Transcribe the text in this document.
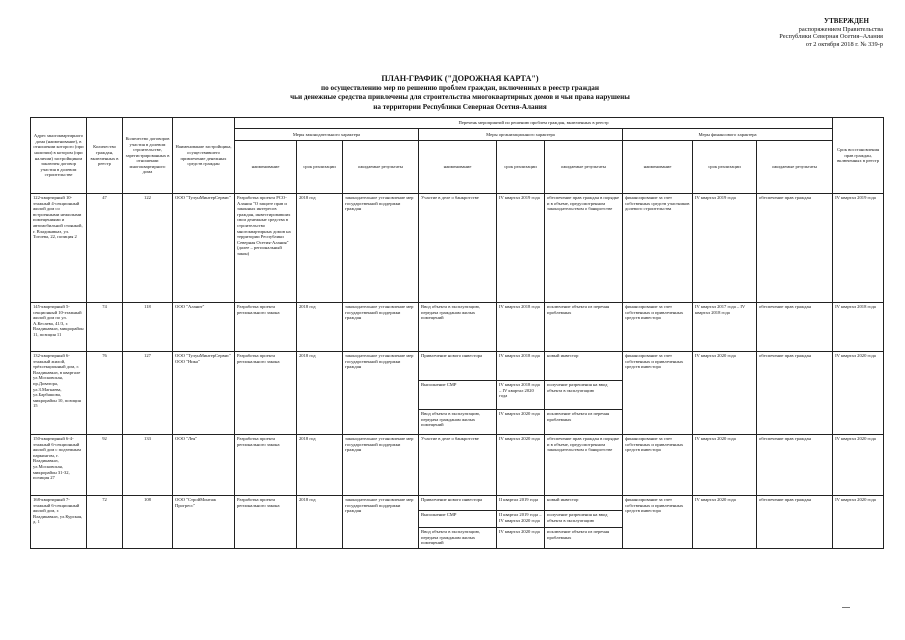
УТВЕРЖДЕН
распоряжением Правительства
Республики Северная Осетия–Алания
от 2 октября 2018 г. № 339-р
ПЛАН-ГРАФИК ("ДОРОЖНАЯ КАРТА")
по осуществлению мер по решению проблем граждан, включенных в реестр граждан
чьи денежные средства привлечены для строительства многоквартирных домов и чьи права нарушены
на территории Республики Северная Осетия-Алания
Адрес многоквартирного дома (наименование), в отношении которого (при наличии) в котором (при наличии) застройщиком заключен договор участия в долевом строительстве	Количество граждан, включенных в реестр	Количество договоров участия в долевом строительстве, зарегистрированных в отношении многоквартирного дома	Наименование застройщика, осуществившего привлечение денежных средств граждан	Перечень мероприятий по решению проблем граждан, включенных в реестр									Срок восстановления прав граждан, включенных в реестр
				Меры законодательного характера			Меры организационного характера			Меры финансового характера			
				наименование	срок реализации	ожидаемые результаты	наименование	срок реализации	ожидаемые результаты	наименование	срок реализации	ожидаемые результаты	
122-квартирный 10-этажный 4-секционный жилой дом со встроенными нежилыми помещениями и автомобильной стоянкой, г. Владикавказ, ул. Тогоева, 22, позиция 2	47	122	ООО "ТулунМинтерСервис"	Разработка проекта РСО-Алания "О защите прав и законных интересов граждан, инвестировавших свои денежные средства в строительство многоквартирных домов на территории Республики Северная Осетия-Алания" (далее – региональный закон)	2018 год	законодательное установление мер государственной поддержки граждан	Участие в деле о банкротстве	IV квартал 2019 года	обеспечение прав граждан в порядке и в объеме, предусмотренном законодательством о банкротстве	финансирование за счет собственных средств участников долевого строительства	IV квартал 2019 года	обеспечение прав граждан	IV квартал 2019 года
145-квартирный 5-секционный 10-этажный жилой дом по ул. А.Кесаева, 41/3, г. Владикавказ, микрорайон 11, позиция 11	74	118	ООО "Аланит"	Разработка проекта регионального закона	2018 год	законодательное установление мер государственной поддержки граждан	Ввод объекта в эксплуатацию, передача гражданам жилых помещений	IV квартал 2018 года	исключение объекта из перечня проблемных	финансирование за счет собственных и привлеченных средств инвестора	IV квартал 2017 года – IV квартал 2018 года	обеспечение прав граждан	IV квартал 2018 года
132-квартирный 6-этажный жилой, трёхсекционный дом, г. Владикавказ, в квартале ул.Московская, пр.Доватора, ул.З.Магкаева, ул.Барбашова, микрорайон 10, позиция 15	76	127	ООО "ТулунМинтерСервис" ООО "Ника"	Разработка проекта регионального закона	2018 год	законодательное установление мер государственной поддержки граждан	Привлечение нового инвестора	IV квартал 2018 года	новый инвестор	финансирование за счет собственных и привлеченных средств инвестора	IV квартал 2020 года	обеспечение прав граждан	IV квартал 2020 года
							Выполнение СМР	IV квартал 2018 года – IV квартал 2020 года	получение разрешения на ввод объекта в эксплуатацию				
							Ввод объекта в эксплуатацию, передача гражданам жилых помещений	IV квартал 2020 года	исключение объекта из перечня проблемных				
150-квартирный 6-4-этажный 6-секционный жилой дом с подземным паркингом, г. Владикавказ, ул.Московская, микрорайон 31-32, позиция 27	92	133	ООО "Лея"	Разработка проекта регионального закона	2018 год	законодательное установление мер государственной поддержки граждан	Участие в деле о банкротстве	IV квартал 2020 года	обеспечение прав граждан в порядке и в объеме, предусмотренном законодательством о банкротстве	финансирование за счет собственных и привлеченных средств инвестора	IV квартал 2020 года	обеспечение прав граждан	IV квартал 2020 года
168-квартирный 7-этажный 6-секционный жилой дом, г. Владикавказ, ул.Курская, д. 1	72	108	ООО "СтройМонтаж Прогресс"	Разработка проекта регионального закона	2018 год	законодательное установление мер государственной поддержки граждан	Привлечение нового инвестора	II квартал 2019 года	новый инвестор	финансирование за счет собственных и привлеченных средств инвестора	IV квартал 2020 года	обеспечение прав граждан	IV квартал 2020 года
							Выполнение СМР	II квартал 2019 года – IV квартал 2020 года	получение разрешения на ввод объекта в эксплуатацию				
							Ввод объекта в эксплуатацию, передача гражданам жилых помещений	IV квартал 2020 года	исключение объекта из перечня проблемных				
